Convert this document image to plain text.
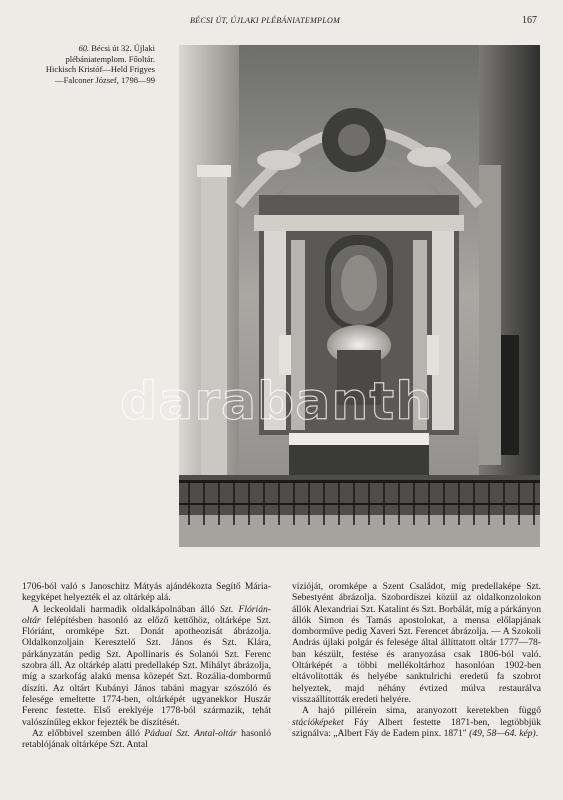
BÉCSI ÚT, ÚJLAKI PLÉBÁNIATEMPLOM	167
60. Bécsi út 32. Újlaki plébániatemplom. Főoltár. Hickisch Kristóf—Held Frigyes—Falconer József, 1798—99

1706-ból való s Janoschitz Mátyás ajándékozta Segítő Mária-kegyképet helyezték el az oltárkép alá.

A leckeoldali harmadik oldalkápolnában álló Szt. Flórián-oltár felépítésben hasonló az előző kettőhöz, oltárképe Szt. Flóriánt, oromképe Szt. Donát apotheozisát ábrázolja. Oldalkonzoljain Keresztelő Szt. János és Szt. Klára, párkányzatán pedig Szt. Apollinaris és Solanói Szt. Ferenc szobra áll. Az oltárkép alatti predellakép Szt. Mihályt ábrázolja, míg a szarkofág alakú mensa közepét Szt. Rozália-dombormű díszíti. Az oltárt Kubányi János tabáni magyar szószóló és felesége emeltette 1774-ben, oltárképét ugyanekkor Huszár Ferenc festette. Első ereklyéje 1778-ból származik, tehát valószínűleg ekkor fejezték be díszítését.

Az előbbivel szemben álló Páduai Szt. Antal-oltár hasonló retablójának oltárképe Szt. Antal

vízióját, oromképe a Szent Családot, míg predellaképe Szt. Sebestyént ábrázolja. Szobordíszei közül az oldalkonzolokon állók Alexandriai Szt. Katalint és Szt. Borbálát, míg a párkányon állók Simon és Tamás apostolokat, a mensa előlapjának domborműve pedig Xaveri Szt. Ferencet ábrázolja. — A Szokoli András újlaki polgár és felesége által állíttatott oltár 1777—78-ban készült, festése és aranyozása csak 1806-ból való. Oltárképét a többi mellékoltárhoz hasonlóan 1902-ben eltávolították és helyébe sanktulrichi eredetű fa szobrot helyeztek, majd néhány évtized múlva restaurálva visszaállították eredeti helyére.

A hajó pillérein sima, aranyozott keretekben függő stációképeket Fáy Albert festette 1871-ben, legtöbbjük szignálva: „Albert Fáy de Eadem pinx. 1871" (49, 58—64. kép).
